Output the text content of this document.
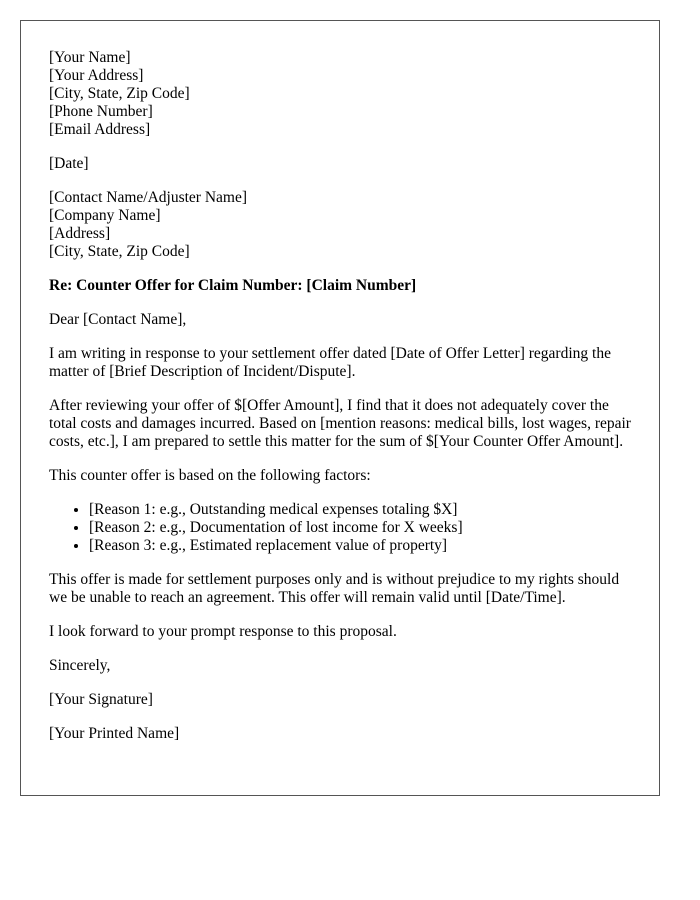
[Your Name]
[Your Address]
[City, State, Zip Code]
[Phone Number]
[Email Address]
[Date]
[Contact Name/Adjuster Name]
[Company Name]
[Address]
[City, State, Zip Code]

Re: Counter Offer for Claim Number: [Claim Number]

Dear [Contact Name],

I am writing in response to your settlement offer dated [Date of Offer Letter] regarding the matter of [Brief Description of Incident/Dispute].

After reviewing your offer of $[Offer Amount], I find that it does not adequately cover the total costs and damages incurred. Based on [mention reasons: medical bills, lost wages, repair costs, etc.], I am prepared to settle this matter for the sum of $[Your Counter Offer Amount].

This counter offer is based on the following factors:

• [Reason 1: e.g., Outstanding medical expenses totaling $X]
• [Reason 2: e.g., Documentation of lost income for X weeks]
• [Reason 3: e.g., Estimated replacement value of property]

This offer is made for settlement purposes only and is without prejudice to my rights should we be unable to reach an agreement. This offer will remain valid until [Date/Time].

I look forward to your prompt response to this proposal.

Sincerely,

[Your Signature]

[Your Printed Name]
